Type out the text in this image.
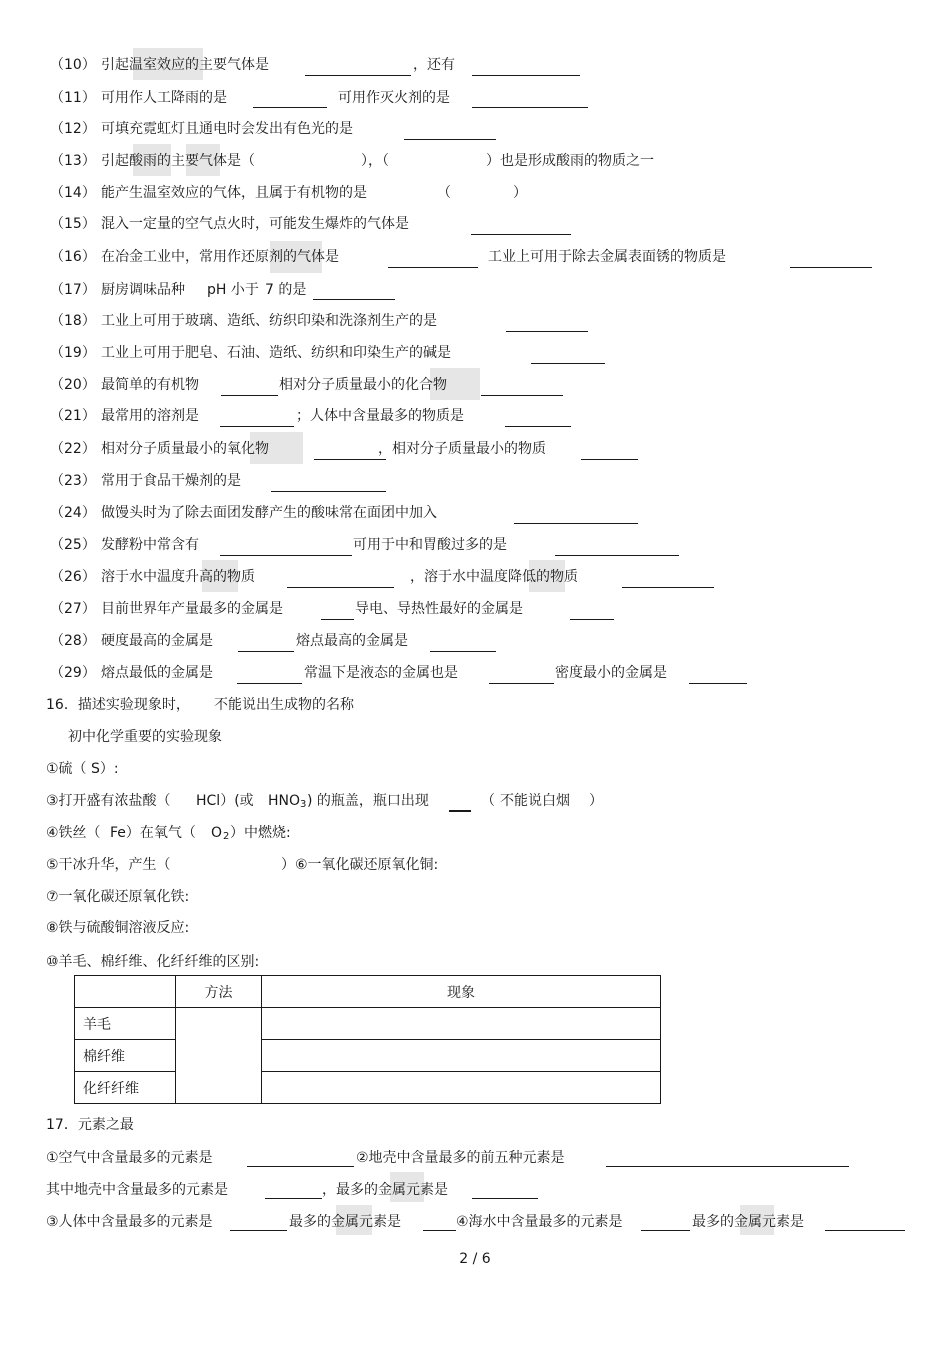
（10） 引起温室效应的主要气体是	，还有
（11） 可用作人工降雨的是	可用作灭火剂的是
（12） 可填充霓虹灯且通电时会发出有色光的是
（13） 引起酸雨的主要气体是（	），（	）也是形成酸雨的物质之一
（14） 能产生温室效应的气体，且属于有机物的是	（	）
（15） 混入一定量的空气点火时，可能发生爆炸的气体是
（16） 在冶金工业中，常用作还原剂的气体是	工业上可用于除去金属表面锈的物质是
（17） 厨房调味品种 pH 小于 7 的是
（18） 工业上可用于玻璃、造纸、纺织印染和洗涤剂生产的是
（19） 工业上可用于肥皂、石油、造纸、纺织和印染生产的碱是
（20） 最简单的有机物	相对分子质量最小的化合物
（21） 最常用的溶剂是	；人体中含量最多的物质是
（22） 相对分子质量最小的氧化物	，相对分子质量最小的物质
（23） 常用于食品干燥剂的是
（24） 做馒头时为了除去面团发酵产生的酸味常在面团中加入
（25） 发酵粉中常含有	可用于中和胃酸过多的是
（26） 溶于水中温度升高的物质	，溶于水中温度降低的物质
（27） 目前世界年产量最多的金属是	导电、导热性最好的金属是
（28） 硬度最高的金属是	熔点最高的金属是
（29） 熔点最低的金属是	常温下是液态的金属也是	密度最小的金属是
16．描述实验现象时， 不能说出生成物的名称
初中化学重要的实验现象
①硫（ S）:
③打开盛有浓盐酸（ HCl）(或 HNO 3 ) 的瓶盖，瓶口出现	（ 不能说白烟 ）
④铁丝（ Fe）在氧气（ O 2 ）中燃烧:
⑤干冰升华，产生（	）⑥一氧化碳还原氧化铜:
⑦一氧化碳还原氧化铁:
⑧铁与硫酸铜溶液反应:
⑩羊毛、棉纤维、化纤纤维的区别:
	方法	现象
羊毛		
棉纤维		
化纤纤维		
17．元素之最
①空气中含量最多的元素是	②地壳中含量最多的前五种元素是
其中地壳中含量最多的元素是	，最多的金属元素是
③人体中含量最多的元素是	最多的金属元素是	④海水中含量最多的元素是	最多的金属元素是
2 / 6
